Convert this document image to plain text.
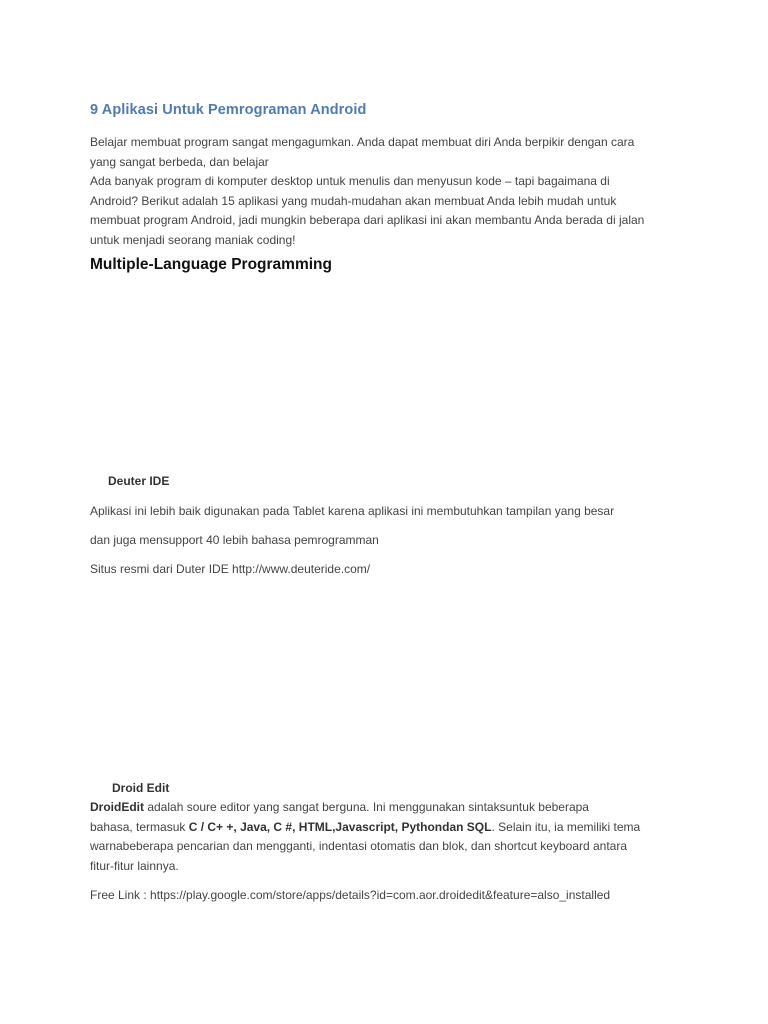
9 Aplikasi Untuk Pemrograman Android
Belajar membuat program sangat mengagumkan. Anda dapat membuat diri Anda berpikir dengan cara
yang sangat berbeda, dan belajar
Ada banyak program di komputer desktop untuk menulis dan menyusun kode – tapi bagaimana di
Android? Berikut adalah 15 aplikasi yang mudah-mudahan akan membuat Anda lebih mudah untuk
membuat program Android, jadi mungkin beberapa dari aplikasi ini akan membantu Anda berada di jalan
untuk menjadi seorang maniak coding!
Multiple-Language Programming
Deuter IDE
Aplikasi ini lebih baik digunakan pada Tablet karena aplikasi ini membutuhkan tampilan yang besar
dan juga mensupport 40 lebih bahasa pemrogramman
Situs resmi dari Duter IDE http://www.deuteride.com/
Droid Edit
DroidEdit adalah soure editor yang sangat berguna. Ini menggunakan sintaksuntuk beberapa
bahasa, termasuk C / C+ +, Java, C #, HTML,Javascript, Pythondan SQL. Selain itu, ia memiliki tema
warnabeberapa pencarian dan mengganti, indentasi otomatis dan blok, dan shortcut keyboard antara
fitur-fitur lainnya.
Free Link : https://play.google.com/store/apps/details?id=com.aor.droidedit&feature=also_installed
